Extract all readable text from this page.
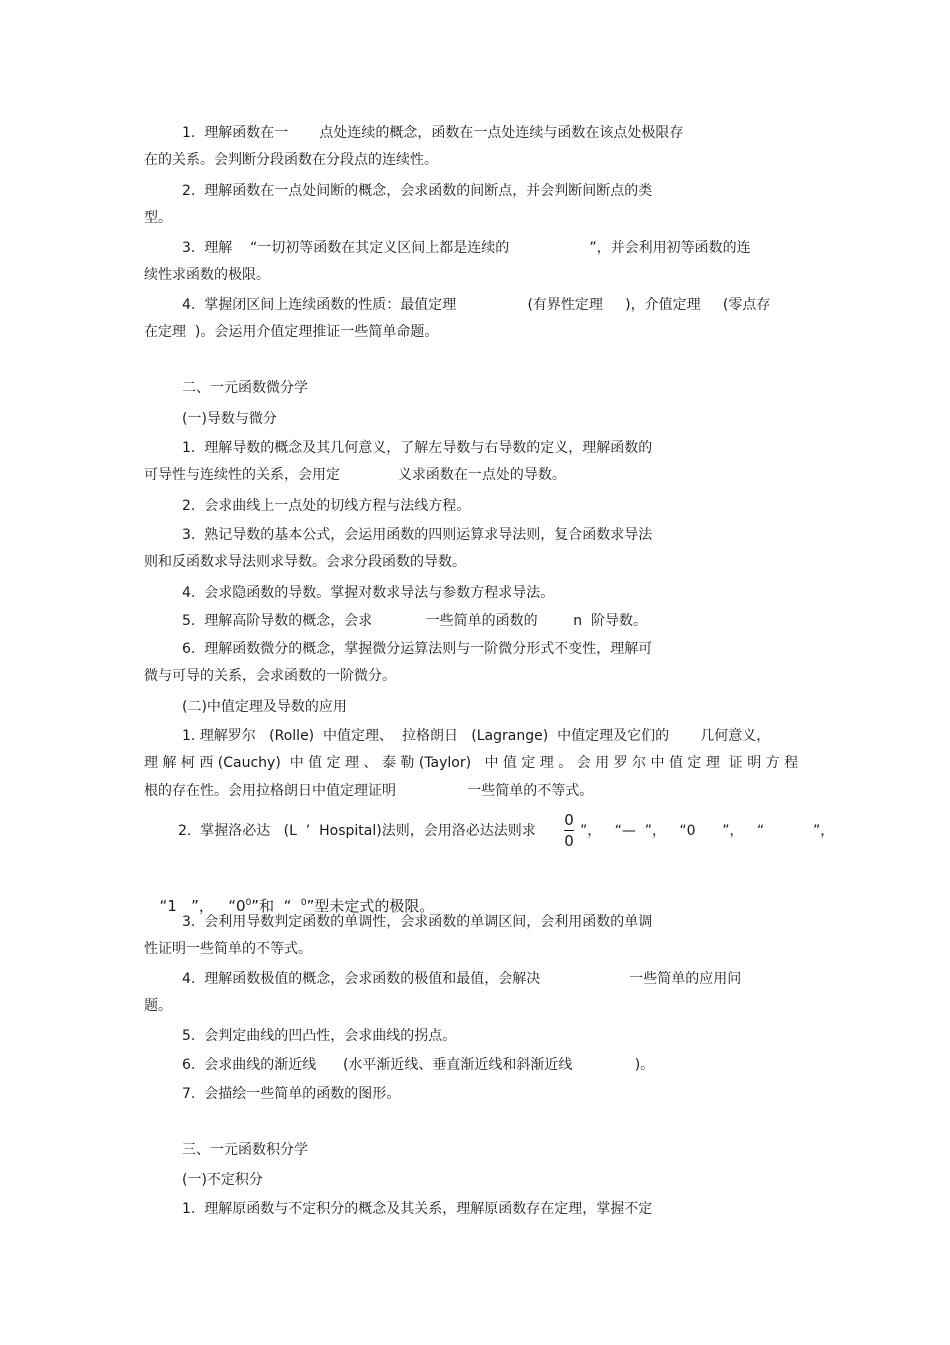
1.  理解函数在一       点处连续的概念，函数在一点处连续与函数在该点处极限存
在的关系。会判断分段函数在分段点的连续性。
2.  理解函数在一点处间断的概念，会求函数的间断点，并会判断间断点的类
型。
3.  理解    “一切初等函数在其定义区间上都是连续的                  ”，并会利用初等函数的连
续性求函数的极限。
4.  掌握闭区间上连续函数的性质：最值定理                (有界性定理     )，介值定理     (零点存
在定理  )。会运用介值定理推证一些简单命题。
二、一元函数微分学
(一)导数与微分
1.  理解导数的概念及其几何意义，了解左导数与右导数的定义，理解函数的
可导性与连续性的关系，会用定             义求函数在一点处的导数。
2.  会求曲线上一点处的切线方程与法线方程。
3.  熟记导数的基本公式，会运用函数的四则运算求导法则，复合函数求导法
则和反函数求导法则求导数。会求分段函数的导数。
4.  会求隐函数的导数。掌握对数求导法与参数方程求导法。
5.  理解高阶导数的概念，会求            一些简单的函数的        n  阶导数。
6.  理解函数微分的概念，掌握微分运算法则与一阶微分形式不变性，理解可
微与可导的关系，会求函数的一阶微分。
(二)中值定理及导数的应用
1. 理解罗尔   (Rolle)  中值定理、  拉格朗日   (Lagrange)  中值定理及它们的       几何意义，
理 解 柯 西 (Cauchy)  中 值 定 理 、 泰 勒 (Taylor)   中 值 定 理 。 会 用 罗 尔 中 值 定 理  证 明 方 程
根的存在性。会用拉格朗日中值定理证明                一些简单的不等式。
2.  掌握洛必达   (L  ’  Hospital)法则，会用洛必达法则求
0
0
”，   “—  ”，   “0      ”，   “           ”，

“1   ”，   “$0^0$”和  “  $^0$”型未定式的极限。

3.  会利用导数判定函数的单调性，会求函数的单调区间，会利用函数的单调
性证明一些简单的不等式。
4.  理解函数极值的概念，会求函数的极值和最值，会解决                    一些简单的应用问
题。
5.  会判定曲线的凹凸性，会求曲线的拐点。
6.  会求曲线的渐近线      (水平渐近线、垂直渐近线和斜渐近线              )。
7.  会描绘一些简单的函数的图形。
三、一元函数积分学
(一)不定积分
1.  理解原函数与不定积分的概念及其关系，理解原函数存在定理，掌握不定
